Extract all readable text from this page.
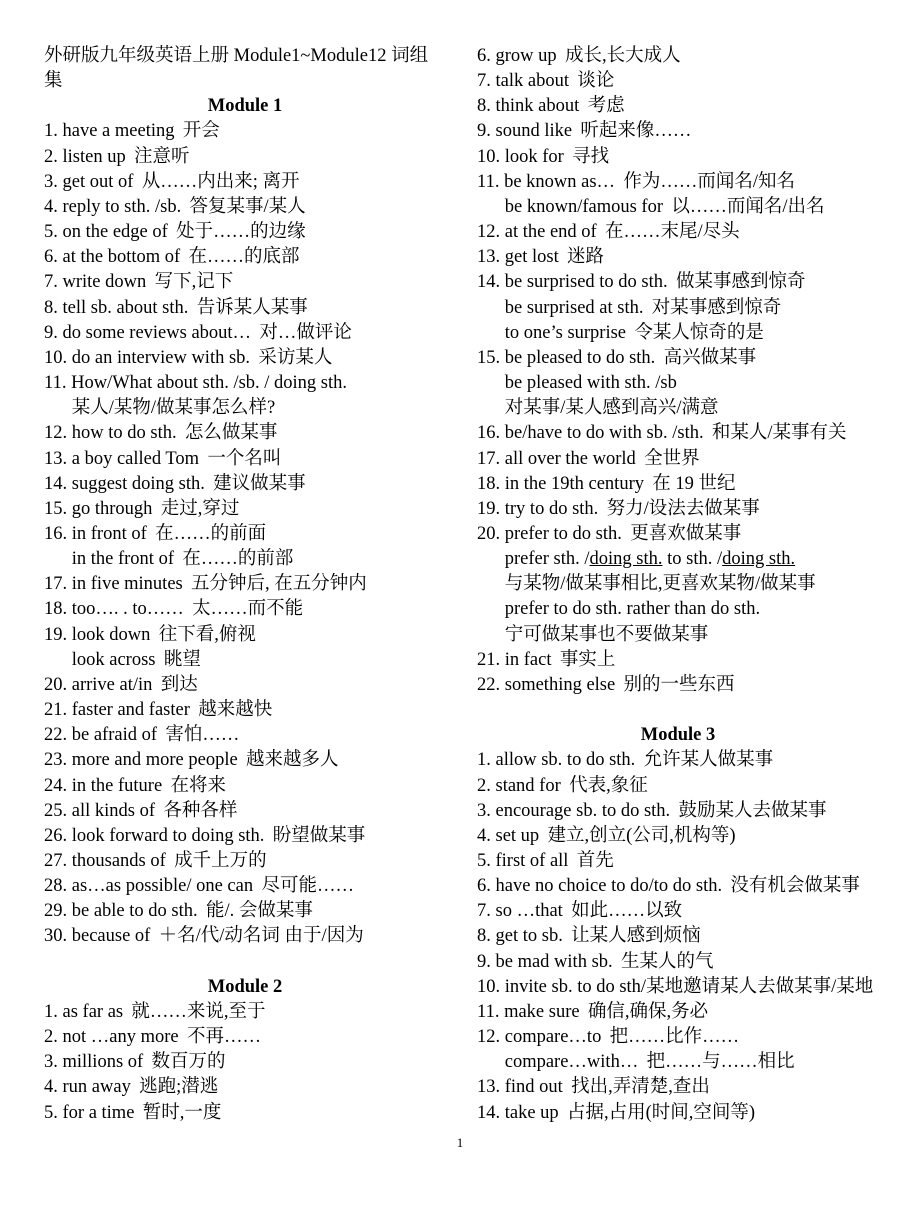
外研版九年级英语上册 Module1~Module12 词组集
Module 1
1. have a meeting 开会
2. listen up 注意听
3. get out of 从……内出来; 离开
4. reply to sth. /sb. 答复某事/某人
5. on the edge of 处于……的边缘
6. at the bottom of 在……的底部
7. write down 写下,记下
8. tell sb. about sth. 告诉某人某事
9. do some reviews about… 对…做评论
10. do an interview with sb. 采访某人
11. How/What about sth. /sb. / doing sth.
某人/某物/做某事怎么样?
12. how to do sth. 怎么做某事
13. a boy called Tom 一个名叫
14. suggest doing sth. 建议做某事
15. go through 走过,穿过
16. in front of 在……的前面
in the front of 在……的前部
17. in five minutes 五分钟后, 在五分钟内
18. too…. . to…… 太……而不能
19. look down 往下看,俯视
look across 眺望
20. arrive at/in 到达
21. faster and faster 越来越快
22. be afraid of 害怕……
23. more and more people 越来越多人
24. in the future 在将来
25. all kinds of 各种各样
26. look forward to doing sth. 盼望做某事
27. thousands of 成千上万的
28. as…as possible/ one can 尽可能……
29. be able to do sth. 能/. 会做某事
30. because of ＋名/代/动名词 由于/因为
Module 2
1. as far as 就……来说,至于
2. not …any more 不再……
3. millions of 数百万的
4. run away 逃跑;潜逃
5. for a time 暂时,一度
6. grow up 成长,长大成人
7. talk about 谈论
8. think about 考虑
9. sound like 听起来像……
10. look for 寻找
11. be known as… 作为……而闻名/知名
be known/famous for 以……而闻名/出名
12. at the end of 在……末尾/尽头
13. get lost 迷路
14. be surprised to do sth. 做某事感到惊奇
be surprised at sth. 对某事感到惊奇
to one’s surprise 令某人惊奇的是
15. be pleased to do sth. 高兴做某事
be pleased with sth. /sb
对某事/某人感到高兴/满意
16. be/have to do with sb. /sth. 和某人/某事有关
17. all over the world 全世界
18. in the 19th century 在 19 世纪
19. try to do sth. 努力/设法去做某事
20. prefer to do sth. 更喜欢做某事
prefer sth. /doing sth. to sth. /doing sth.
与某物/做某事相比,更喜欢某物/做某事
prefer to do sth. rather than do sth.
宁可做某事也不要做某事
21. in fact 事实上
22. something else 别的一些东西
Module 3
1. allow sb. to do sth. 允许某人做某事
2. stand for 代表,象征
3. encourage sb. to do sth. 鼓励某人去做某事
4. set up 建立,创立(公司,机构等)
5. first of all 首先
6. have no choice to do/to do sth. 没有机会做某事
7. so …that 如此……以致
8. get to sb. 让某人感到烦恼
9. be mad with sb. 生某人的气
10. invite sb. to do sth/某地邀请某人去做某事/某地
11. make sure 确信,确保,务必
12. compare…to 把……比作……
compare…with… 把……与……相比
13. find out 找出,弄清楚,查出
14. take up 占据,占用(时间,空间等)
1
